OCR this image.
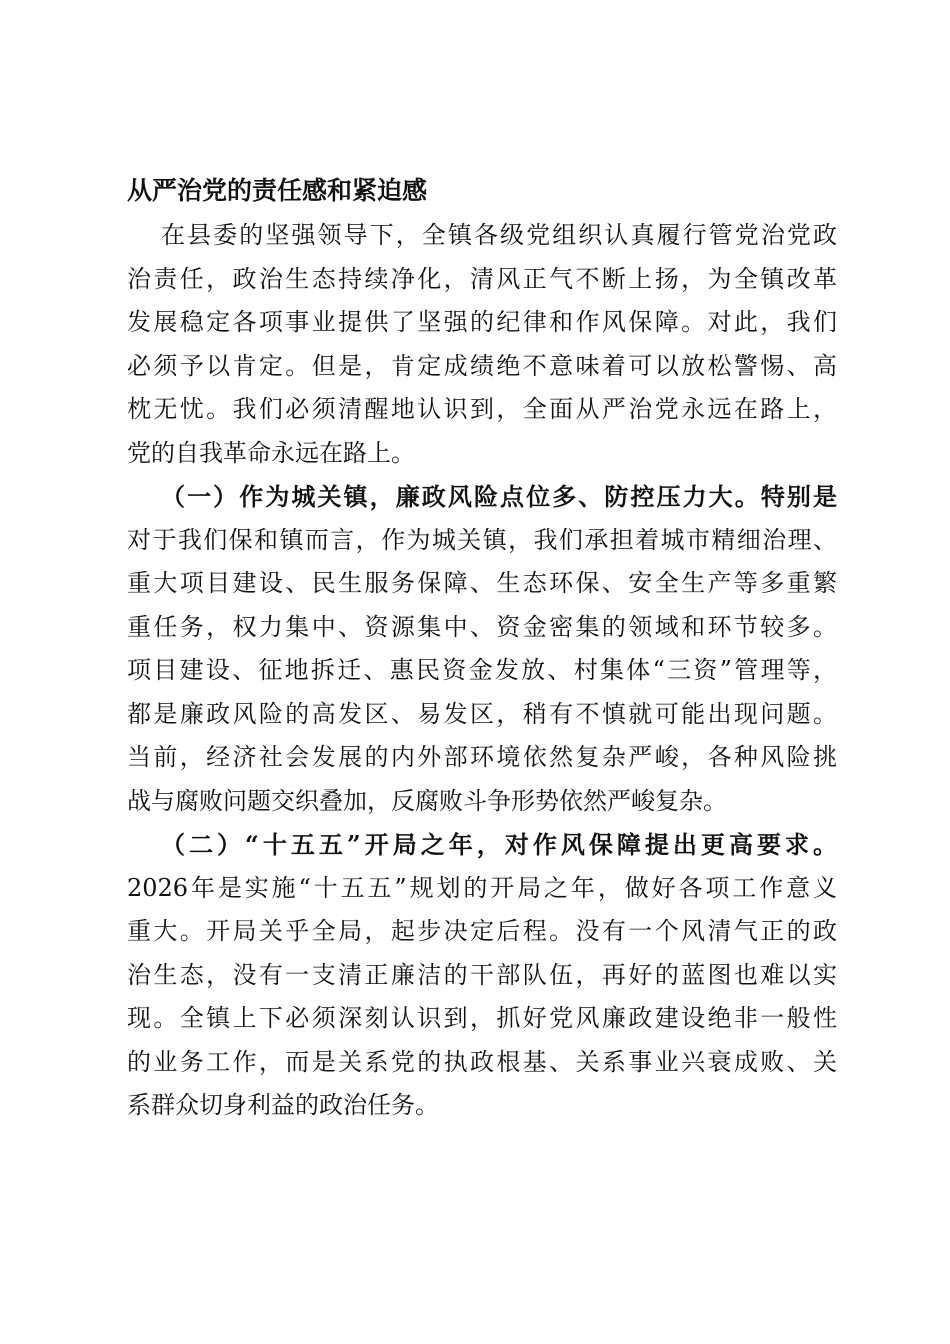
从严治党的责任感和紧迫感

在县委的坚强领导下，全镇各级党组织认真履行管党治党政
治责任，政治生态持续净化，清风正气不断上扬，为全镇改革
发展稳定各项事业提供了坚强的纪律和作风保障。对此，我们
必须予以肯定。但是，肯定成绩绝不意味着可以放松警惕、高
枕无忧。我们必须清醒地认识到，全面从严治党永远在路上，
党的自我革命永远在路上。

（一）作为城关镇，廉政风险点位多、防控压力大。特别是
对于我们保和镇而言，作为城关镇，我们承担着城市精细治理、
重大项目建设、民生服务保障、生态环保、安全生产等多重繁
重任务，权力集中、资源集中、资金密集的领域和环节较多。
项目建设、征地拆迁、惠民资金发放、村集体“三资”管理等，
都是廉政风险的高发区、易发区，稍有不慎就可能出现问题。
当前，经济社会发展的内外部环境依然复杂严峻，各种风险挑
战与腐败问题交织叠加，反腐败斗争形势依然严峻复杂。

（二）“十五五”开局之年，对作风保障提出更高要求。
2026年是实施“十五五”规划的开局之年，做好各项工作意义
重大。开局关乎全局，起步决定后程。没有一个风清气正的政
治生态，没有一支清正廉洁的干部队伍，再好的蓝图也难以实
现。全镇上下必须深刻认识到，抓好党风廉政建设绝非一般性
的业务工作，而是关系党的执政根基、关系事业兴衰成败、关
系群众切身利益的政治任务。
